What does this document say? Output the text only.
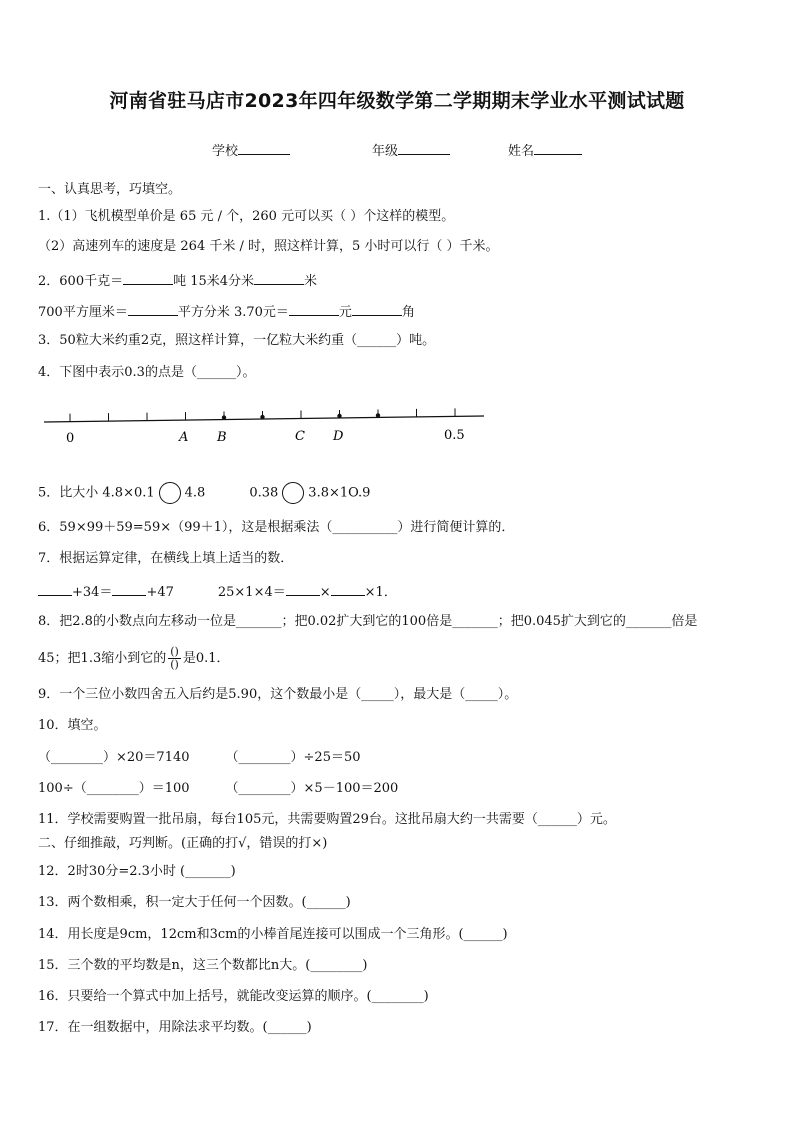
河南省驻马店市2023年四年级数学第二学期期末学业水平测试试题
学校	年级	姓名
一、认真思考，巧填空。
1.（1）飞机模型单价是 65 元 / 个，260 元可以买（ ）个这样的模型。
（2）高速列车的速度是 264 千米 / 时，照这样计算，5 小时可以行（ ）千米。
2．600千克＝	吨 15米4分米	米
700平方厘米＝	平方分米 3.70元＝	元	角
3．50粒大米约重2克，照这样计算，一亿粒大米约重（______）吨。
4．下图中表示0.3的点是（______）。
0	A B	C D	0.5
5．比大小 4.8×0.1 4.8	0.38 3.8×1O.9
6．59×99＋59=59×（99＋1），这是根据乘法（__________）进行简便计算的．
7．根据运算定律，在横线上填上适当的数．
+34＝	+47	25×1×4＝	×	×1．
8．把2.8的小数点向左移动一位是_______；把0.02扩大到它的100倍是_______；把0.045扩大到它的_______倍是
45；把1.3缩小到它的 $\frac{()}{()}$ 是0.1．
9．一个三位小数四舍五入后约是5.90，这个数最小是（_____），最大是（_____）。
10．填空。
（________）×20＝7140	（________）÷25＝50
100÷（________）＝100	（________）×5－100＝200
11．学校需要购置一批吊扇，每台105元，共需要购置29台。这批吊扇大约一共需要（______）元。
二、仔细推敲，巧判断。(正确的打√，错误的打×)
12．2时30分=2.3小时 (_______)
13．两个数相乘，积一定大于任何一个因数。(______)
14．用长度是9cm，12cm和3cm的小棒首尾连接可以围成一个三角形。(______)
15．三个数的平均数是n，这三个数都比n大。(________)
16．只要给一个算式中加上括号，就能改变运算的顺序。(________)
17．在一组数据中，用除法求平均数。(______)
